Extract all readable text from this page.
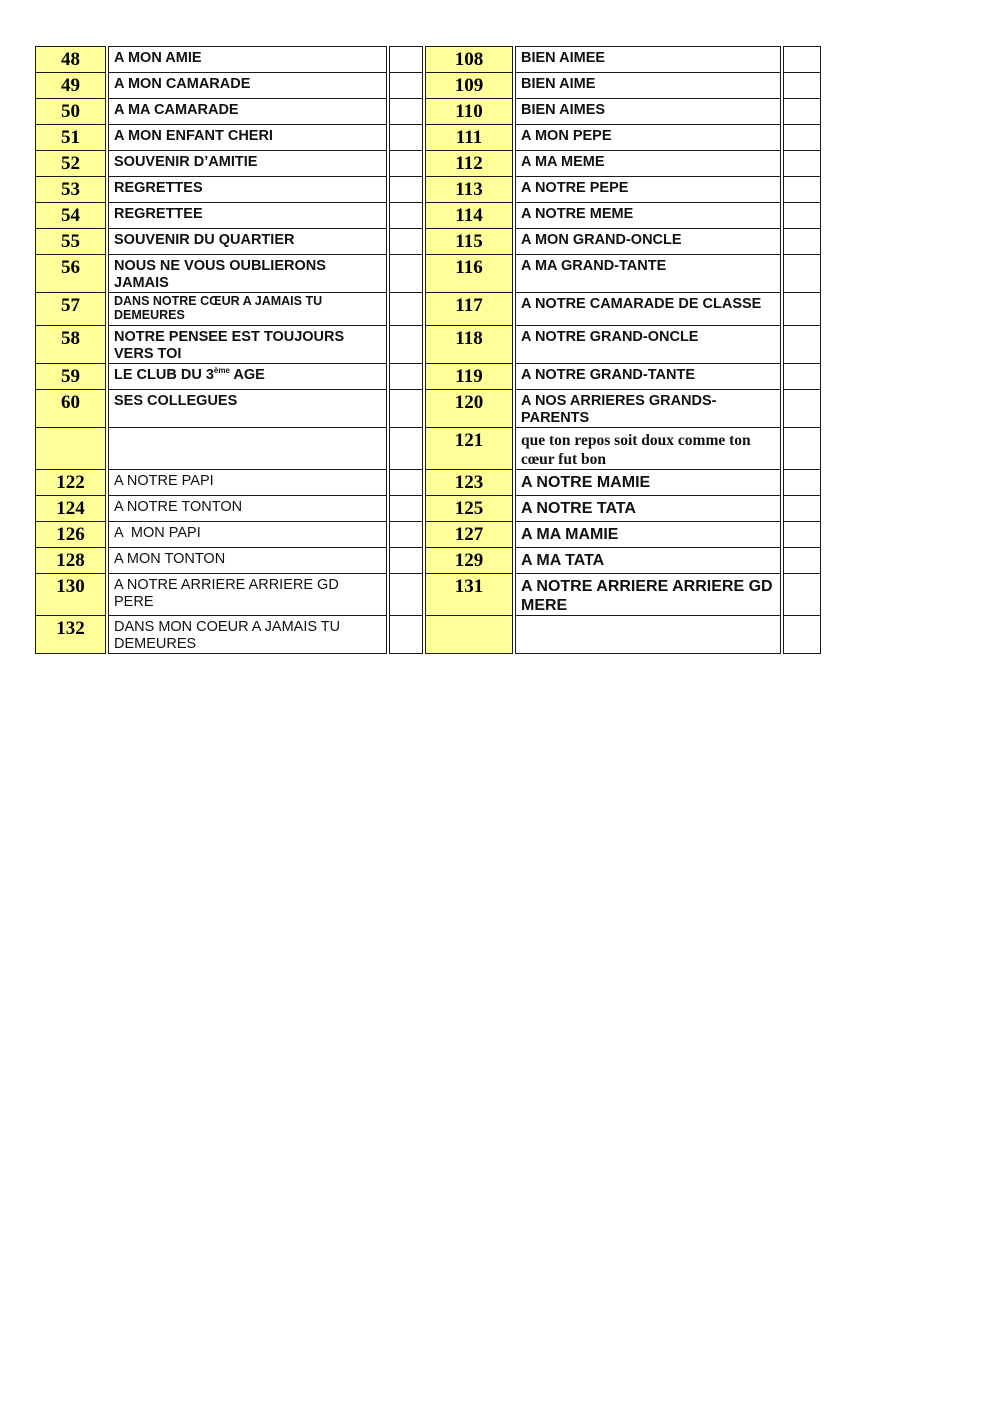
48	A MON AMIE		108	BIEN AIMEE	
49	A MON CAMARADE		109	BIEN AIME	
50	A MA CAMARADE		110	BIEN AIMES	
51	A MON ENFANT CHERI		111	A MON PEPE	
52	SOUVENIR D’AMITIE		112	A MA MEME	
53	REGRETTES		113	A NOTRE PEPE	
54	REGRETTEE		114	A NOTRE MEME	
55	SOUVENIR DU QUARTIER		115	A MON GRAND-ONCLE	
56	NOUS NE VOUS OUBLIERONS JAMAIS		116	A MA GRAND-TANTE	
57	DANS NOTRE CŒUR A JAMAIS TU DEMEURES		117	A NOTRE CAMARADE DE CLASSE	
58	NOTRE PENSEE EST TOUJOURS VERS TOI		118	A NOTRE GRAND-ONCLE	
59	LE CLUB DU 3ème AGE		119	A NOTRE GRAND-TANTE	
60	SES COLLEGUES		120	A NOS ARRIERES GRANDS-PARENTS	
			121	que ton repos soit doux comme ton cœur fut bon	
122	A NOTRE PAPI		123	A NOTRE MAMIE	
124	A NOTRE TONTON		125	A NOTRE TATA	
126	A  MON PAPI		127	A MA MAMIE	
128	A MON TONTON		129	A MA TATA	
130	A NOTRE ARRIERE ARRIERE GD PERE		131	A NOTRE ARRIERE ARRIERE GD MERE	
132	DANS MON COEUR A JAMAIS TU DEMEURES				
